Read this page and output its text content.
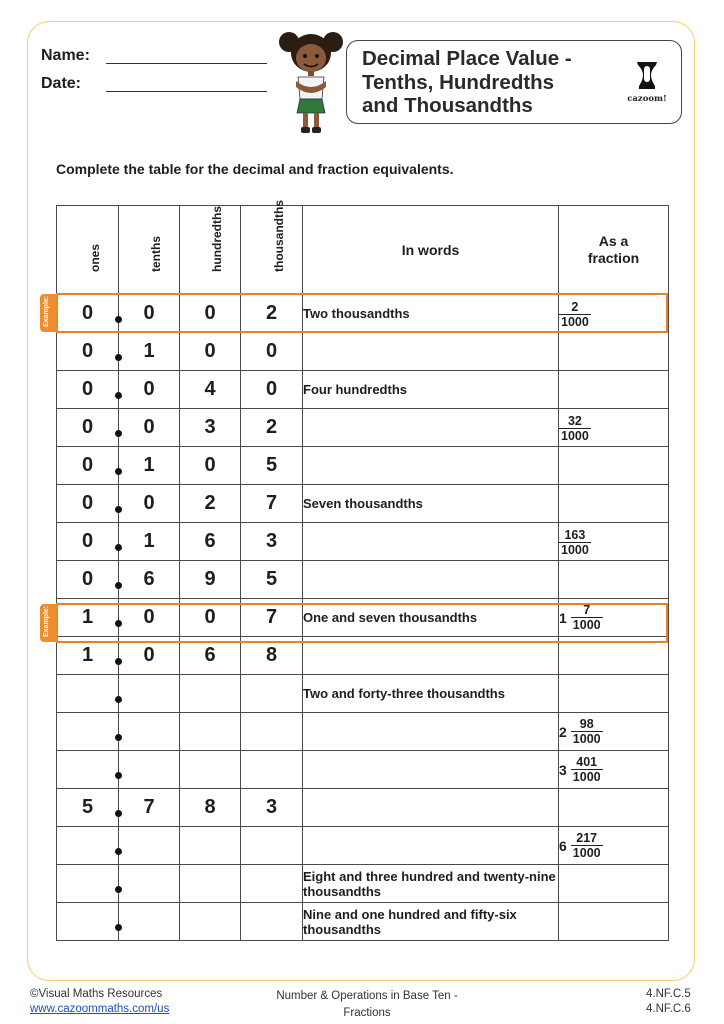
Name:
Date:
Decimal Place Value -
Tenths, Hundredths
and Thousandths	cazoom!
Complete the table for the decimal and fraction equivalents.
ones	tenths	hundredths	thousandths	In words	As a fraction

0	0	0	2	Two thousandths	$\frac{2}{1000}$

0	1	0	0		
0	0	4	0	Four hundredths	
0	0	3	2		$\frac{32}{1000}$

0	1	0	5		
0	0	2	7	Seven thousandths	
0	1	6	3		$\frac{163}{1000}$

0	6	9	5		
1	0	0	7	One and seven thousandths	$1 \frac{7}{1000}$

1	0	6	8		

				Two and forty-three thousandths	

					$2 \frac{98}{1000}$

					$3 \frac{401}{1000}$

5	7	8	3		

					$6 \frac{217}{1000}$

				Eight and three hundred and twenty-nine thousandths	

				Nine and one hundred and fifty-six thousandths	
Example:
Example:
©Visual Maths Resources
www.cazoommaths.com/us
Number & Operations in Base Ten -
Fractions
4.NF.C.5
4.NF.C.6
